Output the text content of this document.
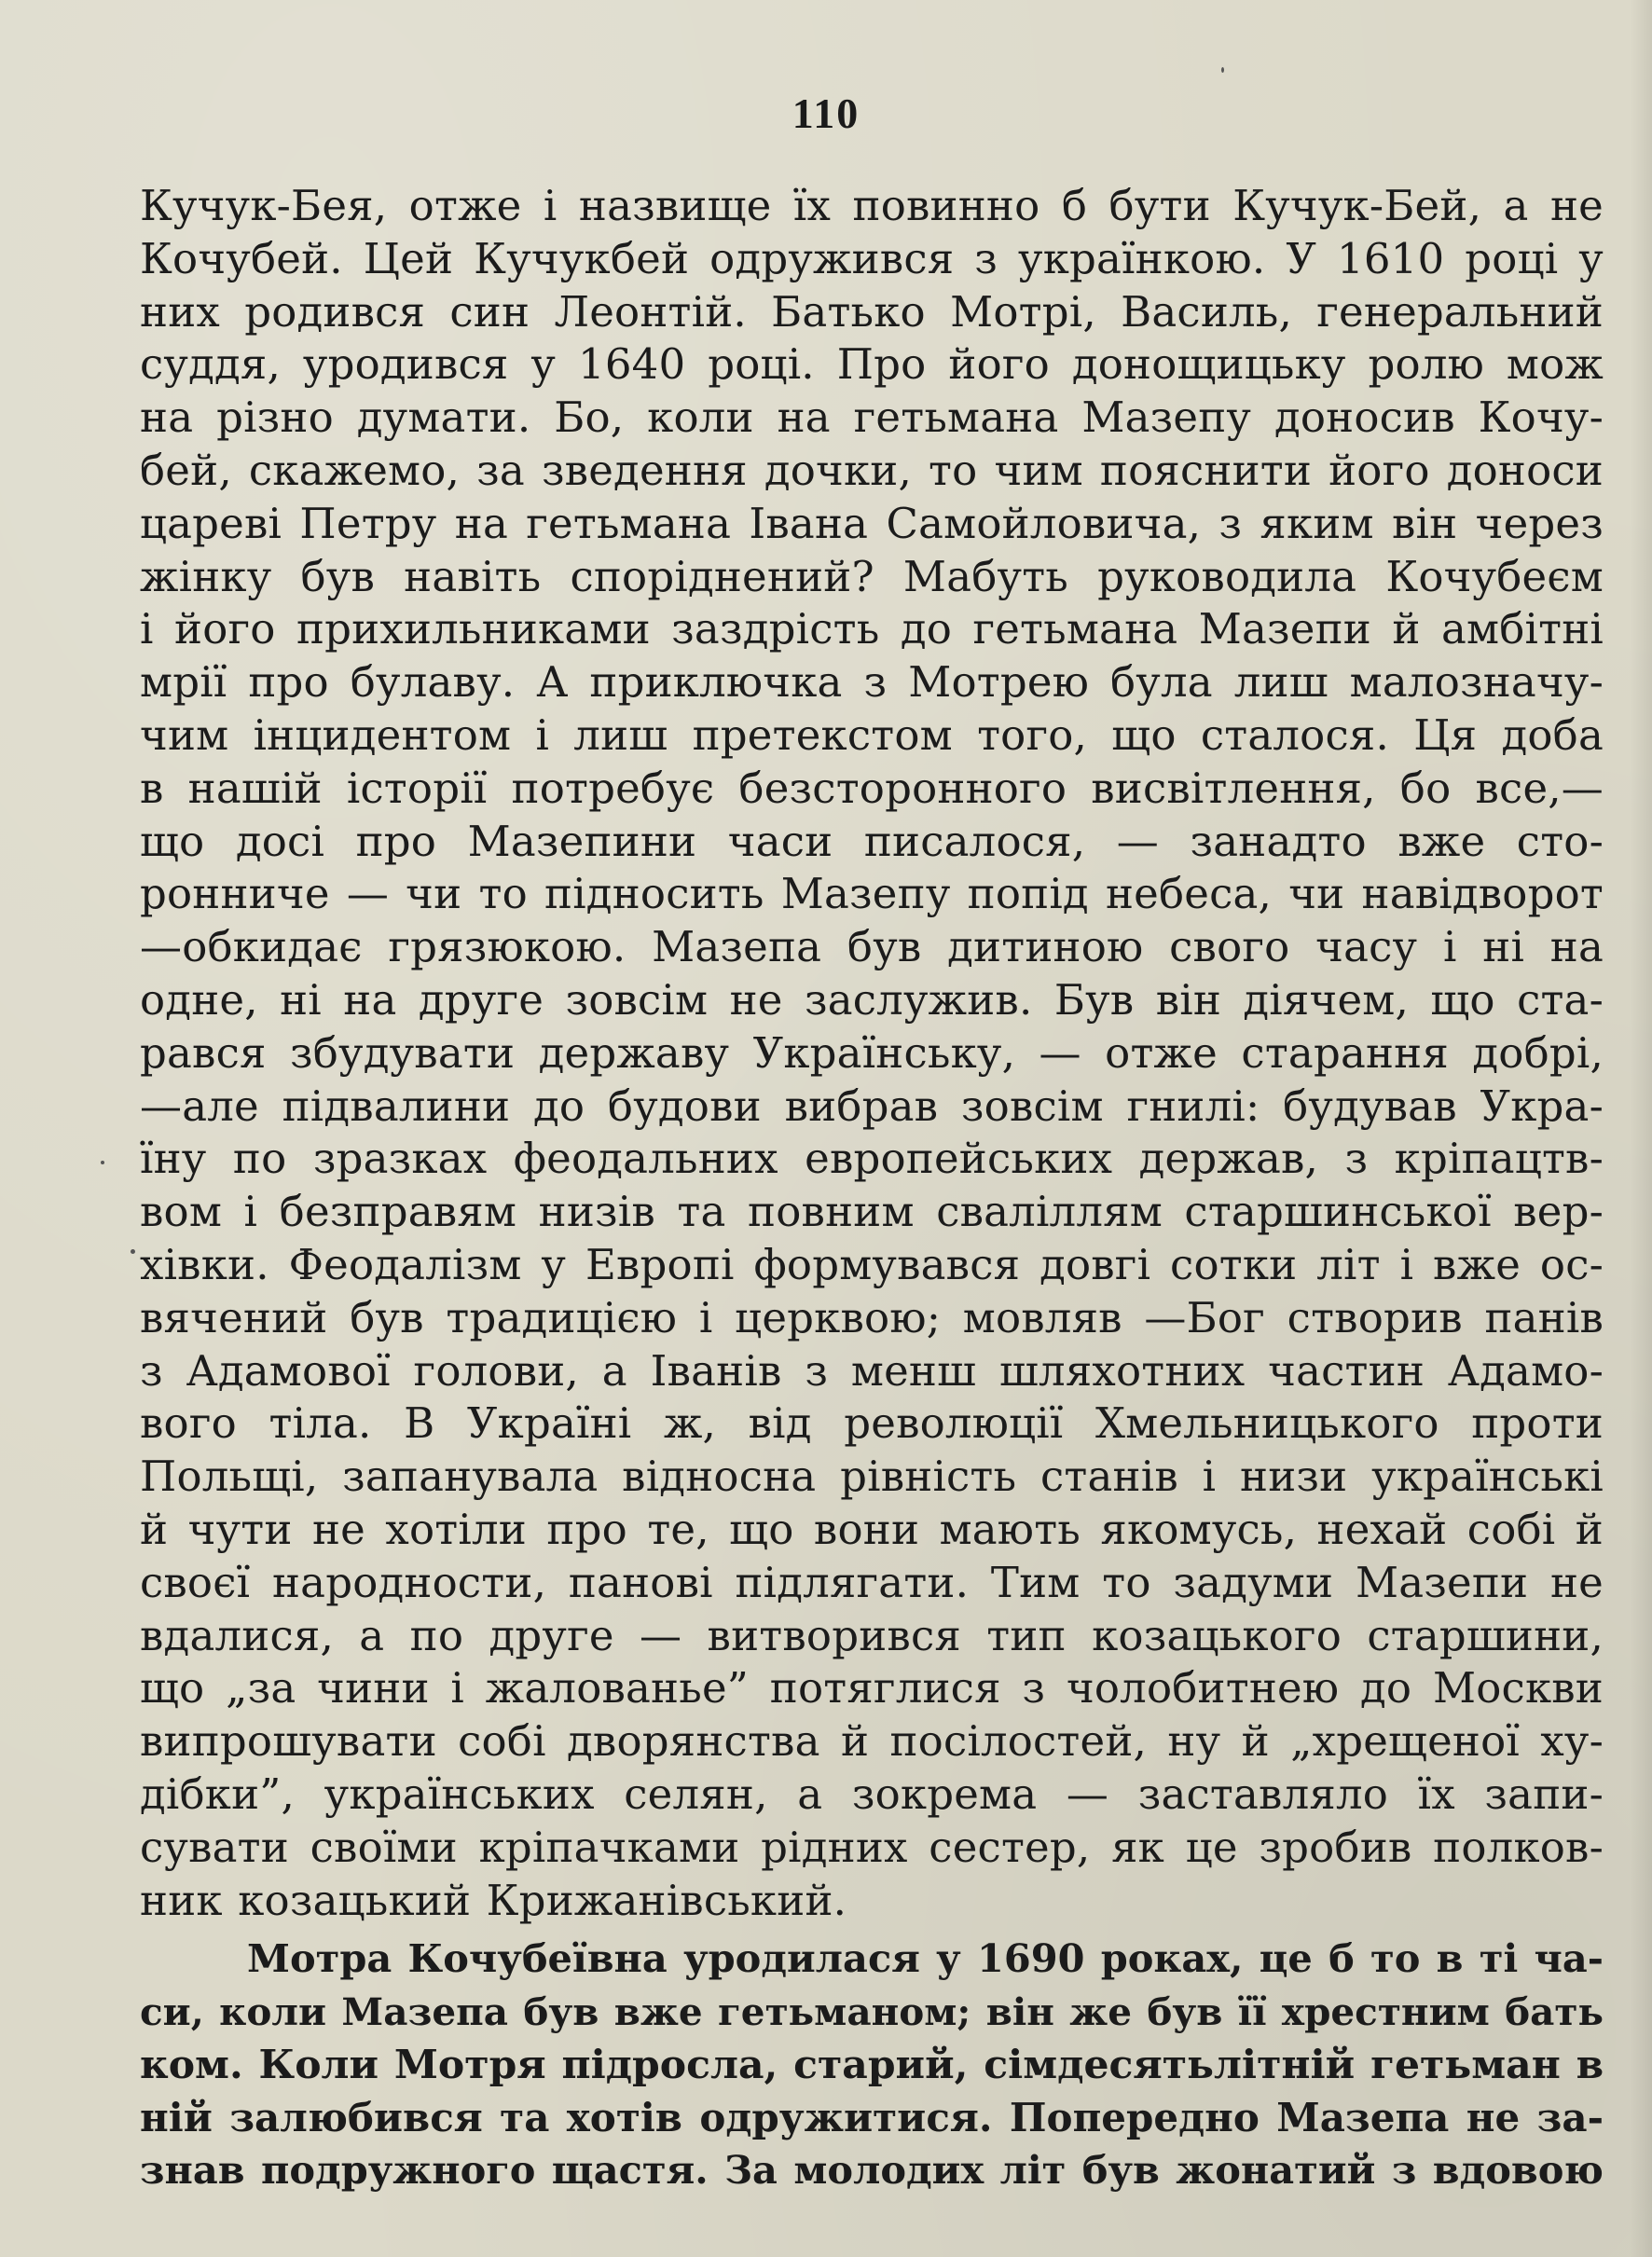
110
Кучук-Бея, отже і назвище їх повинно б бути Кучук-Бей, а не
Кочубей. Цей Кучукбей одружився з українкою. У 1610 році у
них родився син Леонтій. Батько Мотрі, Василь, генеральний
суддя, уродився у 1640 році. Про його донощицьку ролю мож
на різно думати. Бо, коли на гетьмана Мазепу доносив Кочу-
бей, скажемо, за зведення дочки, то чим пояснити його доноси
цареві Петру на гетьмана Івана Самойловича, з яким він через
жінку був навіть споріднений? Мабуть руководила Кочубеєм
і його прихильниками заздрість до гетьмана Мазепи й амбітні
мрії про булаву. А приключка з Мотрею була лиш малозначу-
чим інцидентом і лиш претекстом того, що сталося. Ця доба
в нашій історії потребує безсторонного висвітлення, бо все,—
що досі про Мазепини часи писалося, — занадто вже сто-
ронниче — чи то підносить Мазепу попід небеса, чи навідворот
—обкидає грязюкою. Мазепа був дитиною свого часу і ні на
одне, ні на друге зовсім не заслужив. Був він діячем, що ста-
рався збудувати державу Українську, — отже старання добрі,
—але підвалини до будови вибрав зовсім гнилі: будував Укра-
їну по зразках феодальних европейських держав, з кріпацтв-
вом і безправям низів та повним сваліллям старшинської вер-
хівки. Феодалізм у Европі формувався довгі сотки літ і вже ос-
вячений був традицією і церквою; мовляв —Бог створив панів
з Адамової голови, а Іванів з менш шляхотних частин Адамо-
вого тіла. В Україні ж, від революції Хмельницького проти
Польщі, запанувала відносна рівність станів і низи українські
й чути не хотіли про те, що вони мають якомусь, нехай собі й
своєї народности, панові підлягати. Тим то задуми Мазепи не
вдалися, а по друге — витворився тип козацького старшини,
що „за чини і жалованье” потяглися з чолобитнею до Москви
випрошувати собі дворянства й посілостей, ну й „хрещеної ху-
дібки”, українських селян, а зокрема — заставляло їх запи-
сувати своїми кріпачками рідних сестер, як це зробив полков-
ник козацький Крижанівський.
Мотра Кочубеївна уродилася у 1690 роках, це б то в ті ча-
си, коли Мазепа був вже гетьманом; він же був її хрестним бать
ком. Коли Мотря підросла, старий, сімдесятьлітній гетьман в
ній залюбився та хотів одружитися. Попередно Мазепа не за-
знав подружного щастя. За молодих літ був жонатий з вдовою
